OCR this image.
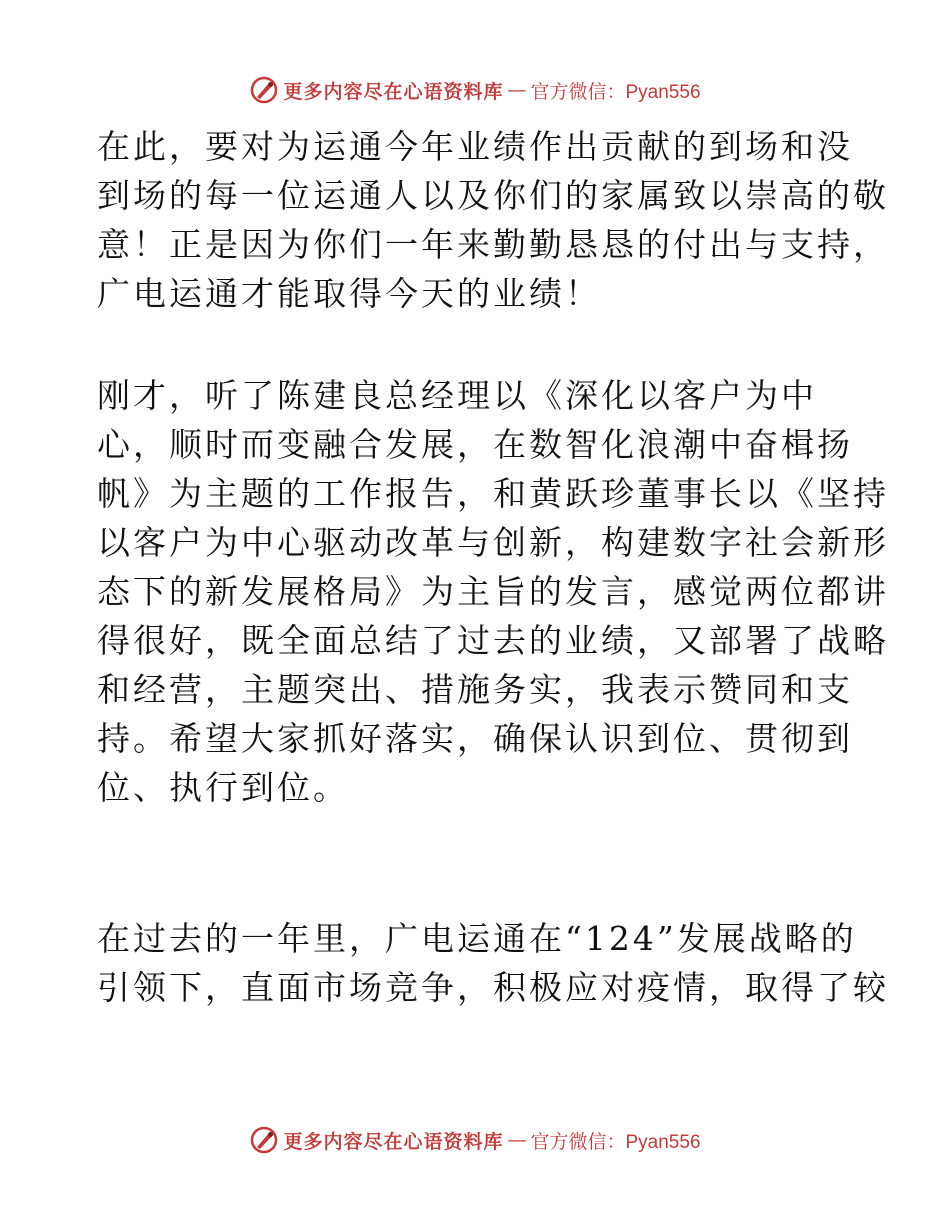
更多内容尽在心语资料库 — 官方微信：Pyan556

在此，要对为运通今年业绩作出贡献的到场和没
到场的每一位运通人以及你们的家属致以崇高的敬
意！正是因为你们一年来勤勤恳恳的付出与支持，
广电运通才能取得今天的业绩！

刚才，听了陈建良总经理以《深化以客户为中
心，顺时而变融合发展，在数智化浪潮中奋楫扬
帆》为主题的工作报告，和黄跃珍董事长以《坚持
以客户为中心驱动改革与创新，构建数字社会新形
态下的新发展格局》为主旨的发言，感觉两位都讲
得很好，既全面总结了过去的业绩，又部署了战略
和经营，主题突出、措施务实，我表示赞同和支
持。希望大家抓好落实，确保认识到位、贯彻到
位、执行到位。

在过去的一年里，广电运通在“124”发展战略的
引领下，直面市场竞争，积极应对疫情，取得了较

更多内容尽在心语资料库 — 官方微信：Pyan556
